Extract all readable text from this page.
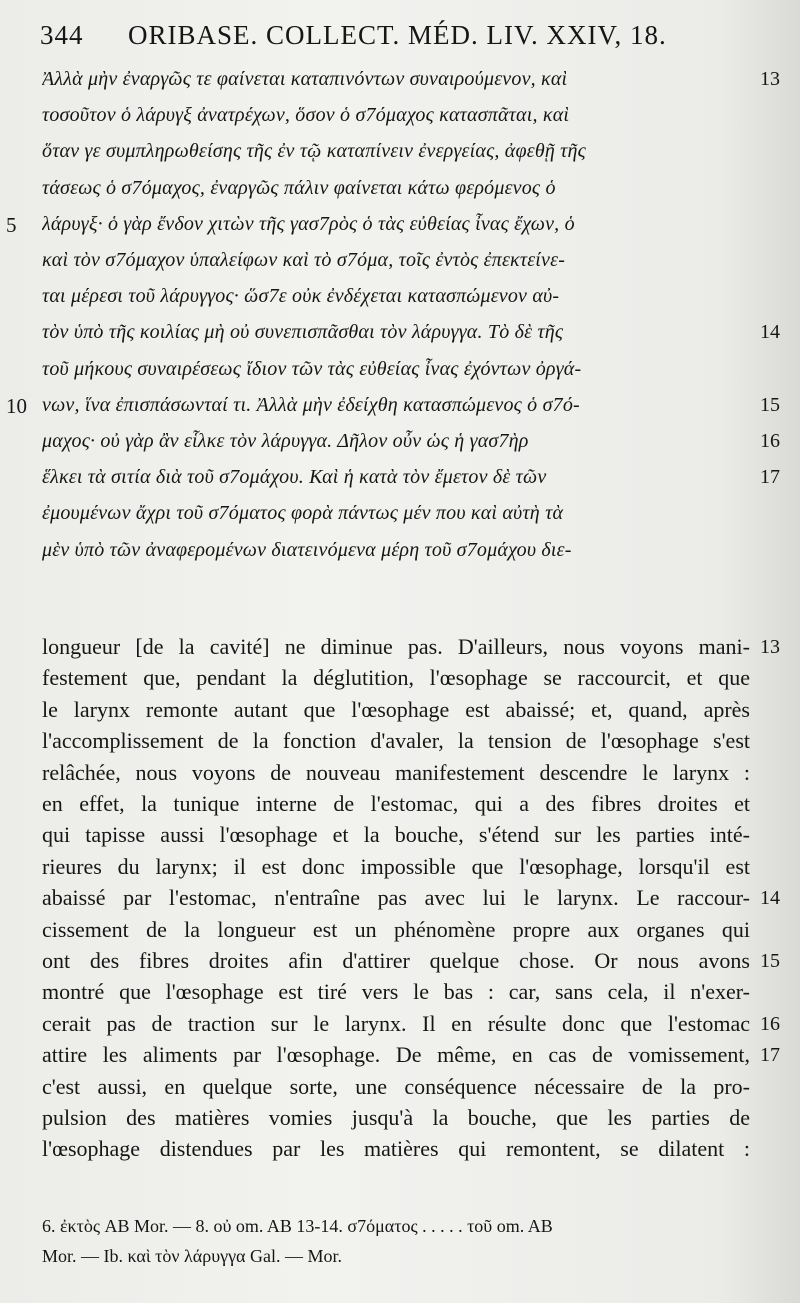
344 ORIBASE. COLLECT. MÉD. LIV. XXIV, 18.
Ἀλλὰ μὴν ἐναργῶς τε φαίνεται καταπινόντων συναιρούμενον, καὶ
τοσοῦτον ὁ λάρυγξ ἀνατρέχων, ὅσον ὁ σ7όμαχος κατασπᾶται, καὶ
ὅταν γε συμπληρωθείσης τῆς ἐν τῷ καταπίνειν ἐνεργείας, ἀφεθῇ τῆς
τάσεως ὁ σ7όμαχος, ἐναργῶς πάλιν φαίνεται κάτω φερόμενος ὁ
λάρυγξ· ὁ γὰρ ἔνδον χιτὼν τῆς γασ7ρὸς ὁ τὰς εὐθείας ἶνας ἔχων, ὁ
καὶ τὸν σ7όμαχον ὑπαλείφων καὶ τὸ σ7όμα, τοῖς ἐντὸς ἐπεκτείνε-
ται μέρεσι τοῦ λάρυγγος· ὥσ7ε οὐκ ἐνδέχεται κατασπώμενον αὐ-
τὸν ὑπὸ τῆς κοιλίας μὴ οὐ συνεπισπᾶσθαι τὸν λάρυγγα. Τὸ δὲ τῆς
τοῦ μήκους συναιρέσεως ἴδιον τῶν τὰς εὐθείας ἶνας ἐχόντων ὀργά-
νων, ἵνα ἐπισπάσωνταί τι. Ἀλλὰ μὴν ἐδείχθη κατασπώμενος ὁ σ7ό-
μαχος· οὐ γὰρ ἂν εἷλκε τὸν λάρυγγα. Δῆλον οὖν ὡς ἡ γασ7ὴρ
ἕλκει τὰ σιτία διὰ τοῦ σ7ομάχου. Καὶ ἡ κατὰ τὸν ἔμετον δὲ τῶν
ἐμουμένων ἄχρι τοῦ σ7όματος φορὰ πάντως μέν που καὶ αὐτὴ τὰ
μὲν ὑπὸ τῶν ἀναφερομένων διατεινόμενα μέρη τοῦ σ7ομάχου διε-
5
10
13
14
15
16
17
longueur [de la cavité] ne diminue pas. D'ailleurs, nous voyons mani-
festement que, pendant la déglutition, l'œsophage se raccourcit, et que
le larynx remonte autant que l'œsophage est abaissé; et, quand, après
l'accomplissement de la fonction d'avaler, la tension de l'œsophage s'est
relâchée, nous voyons de nouveau manifestement descendre le larynx :
en effet, la tunique interne de l'estomac, qui a des fibres droites et
qui tapisse aussi l'œsophage et la bouche, s'étend sur les parties inté-
rieures du larynx; il est donc impossible que l'œsophage, lorsqu'il est
abaissé par l'estomac, n'entraîne pas avec lui le larynx. Le raccour-
cissement de la longueur est un phénomène propre aux organes qui
ont des fibres droites afin d'attirer quelque chose. Or nous avons
montré que l'œsophage est tiré vers le bas : car, sans cela, il n'exer-
cerait pas de traction sur le larynx. Il en résulte donc que l'estomac
attire les aliments par l'œsophage. De même, en cas de vomissement,
c'est aussi, en quelque sorte, une conséquence nécessaire de la pro-
pulsion des matières vomies jusqu'à la bouche, que les parties de
l'œsophage distendues par les matières qui remontent, se dilatent :
13
14
15
16
17
6. ἐκτὸς AB Mor. — 8. οὐ om. AB 13-14. σ7όματος . . . . . τοῦ om. AB
Mor. — Ib. καὶ τὸν λάρυγγα Gal. — Mor.
